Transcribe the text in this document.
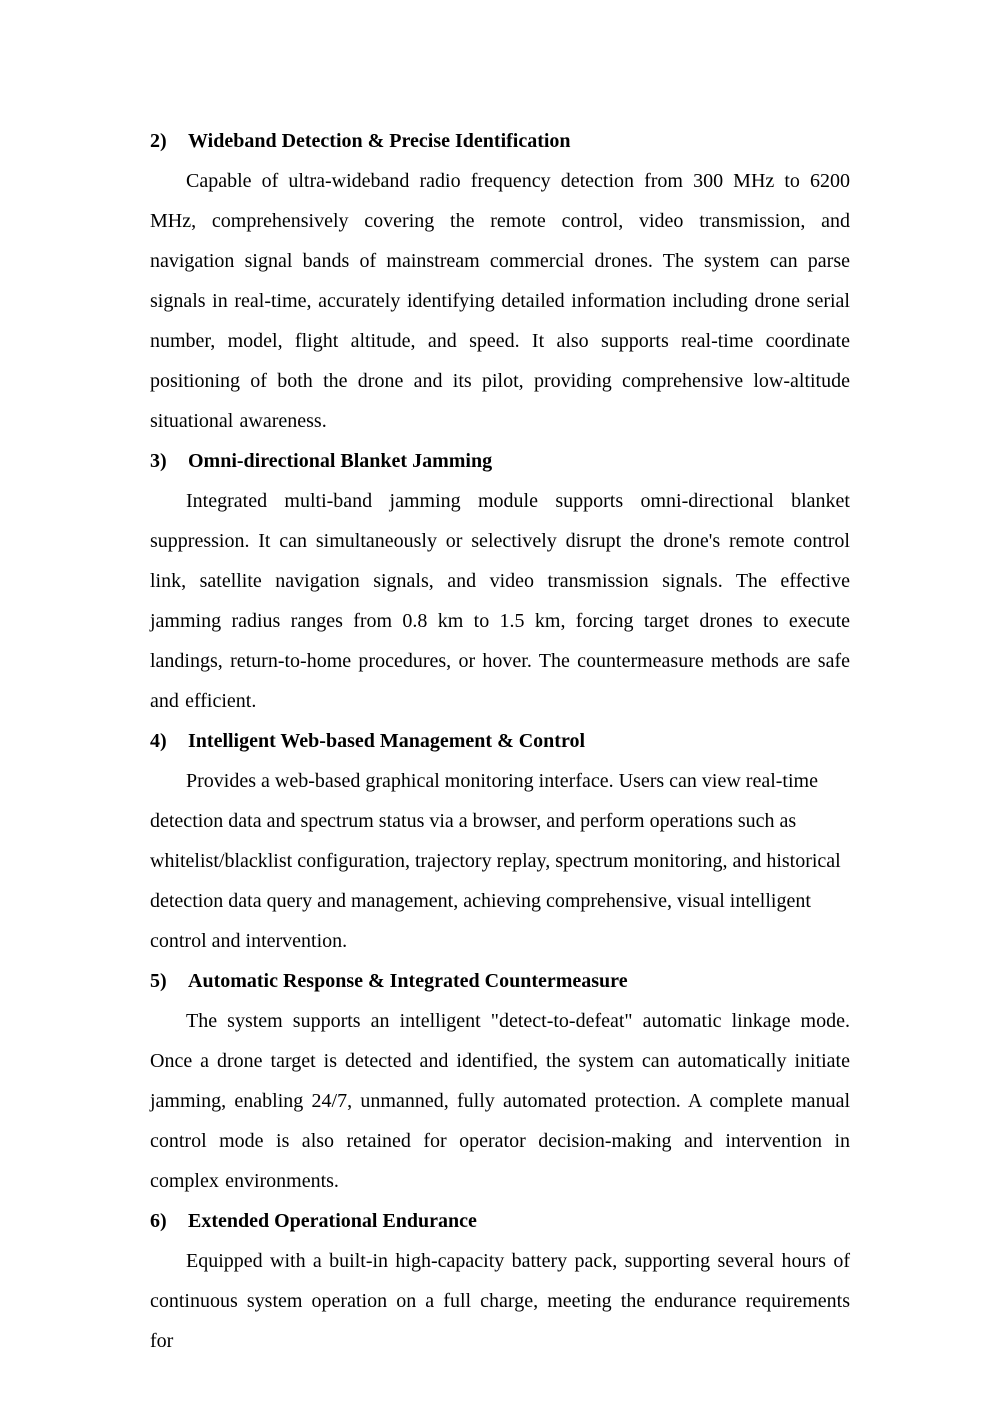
2)	Wideband Detection & Precise Identification

Capable of ultra-wideband radio frequency detection from 300 MHz to 6200 MHz, comprehensively covering the remote control, video transmission, and navigation signal bands of mainstream commercial drones. The system can parse signals in real-time, accurately identifying detailed information including drone serial number, model, flight altitude, and speed. It also supports real-time coordinate positioning of both the drone and its pilot, providing comprehensive low-altitude situational awareness.

3)	Omni-directional Blanket Jamming

Integrated multi-band jamming module supports omni-directional blanket suppression. It can simultaneously or selectively disrupt the drone's remote control link, satellite navigation signals, and video transmission signals. The effective jamming radius ranges from 0.8 km to 1.5 km, forcing target drones to execute landings, return-to-home procedures, or hover. The countermeasure methods are safe and efficient.

4)	Intelligent Web-based Management & Control

Provides a web-based graphical monitoring interface. Users can view real-time detection data and spectrum status via a browser, and perform operations such as whitelist/blacklist configuration, trajectory replay, spectrum monitoring, and historical detection data query and management, achieving comprehensive, visual intelligent control and intervention.

5)	Automatic Response & Integrated Countermeasure

The system supports an intelligent "detect-to-defeat" automatic linkage mode. Once a drone target is detected and identified, the system can automatically initiate jamming, enabling 24/7, unmanned, fully automated protection. A complete manual control mode is also retained for operator decision-making and intervention in complex environments.

6)	Extended Operational Endurance

Equipped with a built-in high-capacity battery pack, supporting several hours of continuous system operation on a full charge, meeting the endurance requirements for
